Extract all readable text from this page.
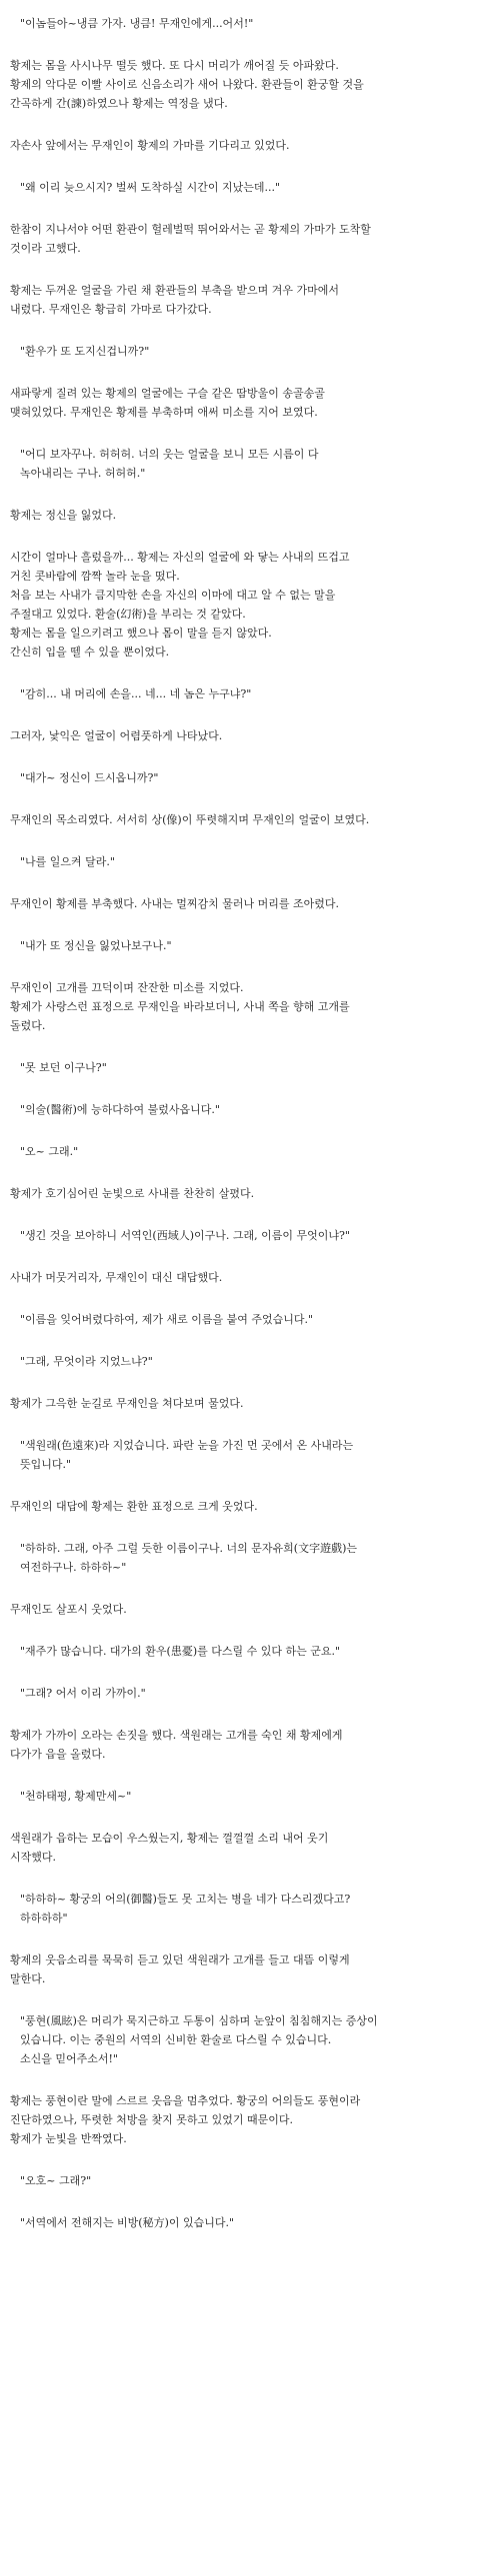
"이놈들아~냉큼 가자. 냉큼! 무재인에게...어서!"

황제는 몸을 사시나무 떨듯 했다. 또 다시 머리가 깨어질 듯 아파왔다.
황제의 악다문 이빨 사이로 신음소리가 새어 나왔다. 환관들이 환궁할 것을
간곡하게 간(諫)하였으나 황제는 역정을 냈다.

자손사 앞에서는 무재인이 황제의 가마를 기다리고 있었다.

"왜 이리 늦으시지? 벌써 도착하실 시간이 지났는데..."

한참이 지나서야 어떤 환관이 헐레벌떡 뛰어와서는 곧 황제의 가마가 도착할
것이라 고했다.

황제는 두꺼운 얼굴을 가린 채 환관들의 부축을 받으며 겨우 가마에서
내렸다. 무재인은 황급히 가마로 다가갔다.

"환우가 또 도지신겁니까?"

새파랗게 질려 있는 황제의 얼굴에는 구슬 같은 땀방울이 송골송골
맺혀있었다. 무재인은 황제를 부축하며 애써 미소를 지어 보였다.

"어디 보자꾸나. 허허허. 너의 웃는 얼굴을 보니 모든 시름이 다
녹아내리는 구나. 허허허."

황제는 정신을 잃었다.

시간이 얼마나 흘렀을까... 황제는 자신의 얼굴에 와 닿는 사내의 뜨겁고
거친 콧바람에 깜짝 놀라 눈을 떴다.
처음 보는 사내가 큼지막한 손을 자신의 이마에 대고 알 수 없는 말을
주절대고 있었다. 환술(幻術)을 부리는 것 같았다.
황제는 몸을 일으키려고 했으나 몸이 말을 듣지 않았다.
간신히 입을 뗄 수 있을 뿐이었다.

"감히... 내 머리에 손을... 네... 네 놈은 누구냐?"

그러자, 낯익은 얼굴이 어렴풋하게 나타났다.

"대가~ 정신이 드시옵니까?"

무재인의 목소리였다. 서서히 상(像)이 뚜렷해지며 무재인의 얼굴이 보였다.

"나를 일으켜 달라."

무재인이 황제를 부축했다. 사내는 멀찌감치 물러나 머리를 조아렸다.

"내가 또 정신을 잃었나보구나."

무재인이 고개를 끄덕이며 잔잔한 미소를 지었다.
황제가 사랑스런 표정으로 무재인을 바라보더니, 사내 쪽을 향해 고개를
돌렸다.

"못 보던 이구나?"

"의술(醫術)에 능하다하여 불렀사옵니다."

"오~ 그래."

황제가 호기심어린 눈빛으로 사내를 찬찬히 살폈다.

"생긴 것을 보아하니 서역인(西域人)이구나. 그래, 이름이 무엇이냐?"

사내가 머뭇거리자, 무재인이 대신 대답했다.

"이름을 잊어버렸다하여, 제가 새로 이름을 붙여 주었습니다."

"그래, 무엇이라 지었느냐?"

황제가 그윽한 눈길로 무재인을 쳐다보며 물었다.

"색원래(色遠來)라 지었습니다. 파란 눈을 가진 먼 곳에서 온 사내라는
뜻입니다."

무재인의 대답에 황제는 환한 표정으로 크게 웃었다.

"하하하. 그래, 아주 그럴 듯한 이름이구나. 너의 문자유희(文字遊戲)는
여전하구나. 하하하~"

무재인도 살포시 웃었다.

"재주가 많습니다. 대가의 환우(患憂)를 다스릴 수 있다 하는 군요."

"그래? 어서 이리 가까이."

황제가 가까이 오라는 손짓을 했다. 색원래는 고개를 숙인 채 황제에게
다가가 읍을 올렸다.

"천하태평, 황제만세~"

색원래가 읍하는 모습이 우스웠는지, 황제는 껄껄껄 소리 내어 웃기
시작했다.

"하하하~ 황궁의 어의(御醫)들도 못 고치는 병을 네가 다스리겠다고?
하하하하"

황제의 웃음소리를 묵묵히 듣고 있던 색원래가 고개를 들고 대뜸 이렇게
말한다.

"풍현(風眩)은 머리가 묵지근하고 두통이 심하며 눈앞이 침침해지는 증상이
있습니다. 이는 중원의 서역의 신비한 환술로 다스릴 수 있습니다.
소신을 믿어주소서!"

황제는 풍현이란 말에 스르르 웃음을 멈추었다. 황궁의 어의들도 풍현이라
진단하였으나, 뚜렷한 처방을 찾지 못하고 있었기 때문이다.
황제가 눈빛을 반짝였다.

"오호~ 그래?"

"서역에서 전해지는 비방(秘方)이 있습니다."
